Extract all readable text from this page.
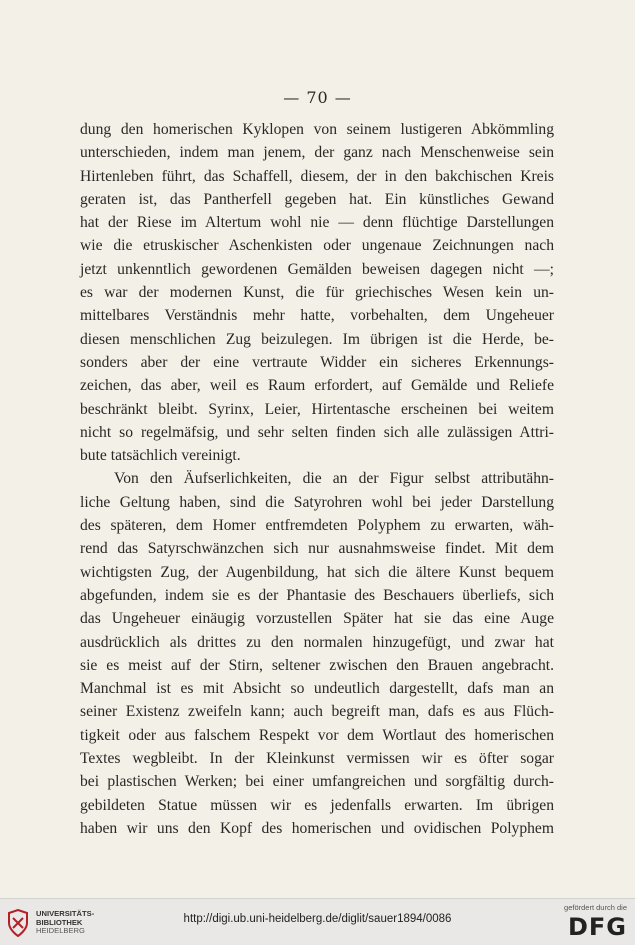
— 70 —
dung den homerischen Kyklopen von seinem lustigeren Abkömmling
unterschieden, indem man jenem, der ganz nach Menschenweise sein
Hirtenleben führt, das Schaffell, diesem, der in den bakchischen Kreis
geraten ist, das Pantherfell gegeben hat. Ein künstliches Gewand
hat der Riese im Altertum wohl nie — denn flüchtige Darstellungen
wie die etruskischer Aschenkisten oder ungenaue Zeichnungen nach
jetzt unkenntlich gewordenen Gemälden beweisen dagegen nicht —;
es war der modernen Kunst, die für griechisches Wesen kein un-
mittelbares Verständnis mehr hatte, vorbehalten, dem Ungeheuer
diesen menschlichen Zug beizulegen. Im übrigen ist die Herde, be-
sonders aber der eine vertraute Widder ein sicheres Erkennungs-
zeichen, das aber, weil es Raum erfordert, auf Gemälde und Reliefe
beschränkt bleibt. Syrinx, Leier, Hirtentasche erscheinen bei weitem
nicht so regelmäfsig, und sehr selten finden sich alle zulässigen Attri-
bute tatsächlich vereinigt.
Von den Äufserlichkeiten, die an der Figur selbst attributähn-
liche Geltung haben, sind die Satyrohren wohl bei jeder Darstellung
des späteren, dem Homer entfremdeten Polyphem zu erwarten, wäh-
rend das Satyrschwänzchen sich nur ausnahmsweise findet. Mit dem
wichtigsten Zug, der Augenbildung, hat sich die ältere Kunst bequem
abgefunden, indem sie es der Phantasie des Beschauers überliefs, sich
das Ungeheuer einäugig vorzustellen Später hat sie das eine Auge
ausdrücklich als drittes zu den normalen hinzugefügt, und zwar hat
sie es meist auf der Stirn, seltener zwischen den Brauen angebracht.
Manchmal ist es mit Absicht so undeutlich dargestellt, dafs man an
seiner Existenz zweifeln kann; auch begreift man, dafs es aus Flüch-
tigkeit oder aus falschem Respekt vor dem Wortlaut des homerischen
Textes wegbleibt. In der Kleinkunst vermissen wir es öfter sogar
bei plastischen Werken; bei einer umfangreichen und sorgfältig durch-
gebildeten Statue müssen wir es jedenfalls erwarten. Im übrigen
haben wir uns den Kopf des homerischen und ovidischen Polyphem
UNIVERSITÄTS-
BIBLIOTHEK
HEIDELBERG
http://digi.ub.uni-heidelberg.de/diglit/sauer1894/0086
gefördert durch die
DFG
